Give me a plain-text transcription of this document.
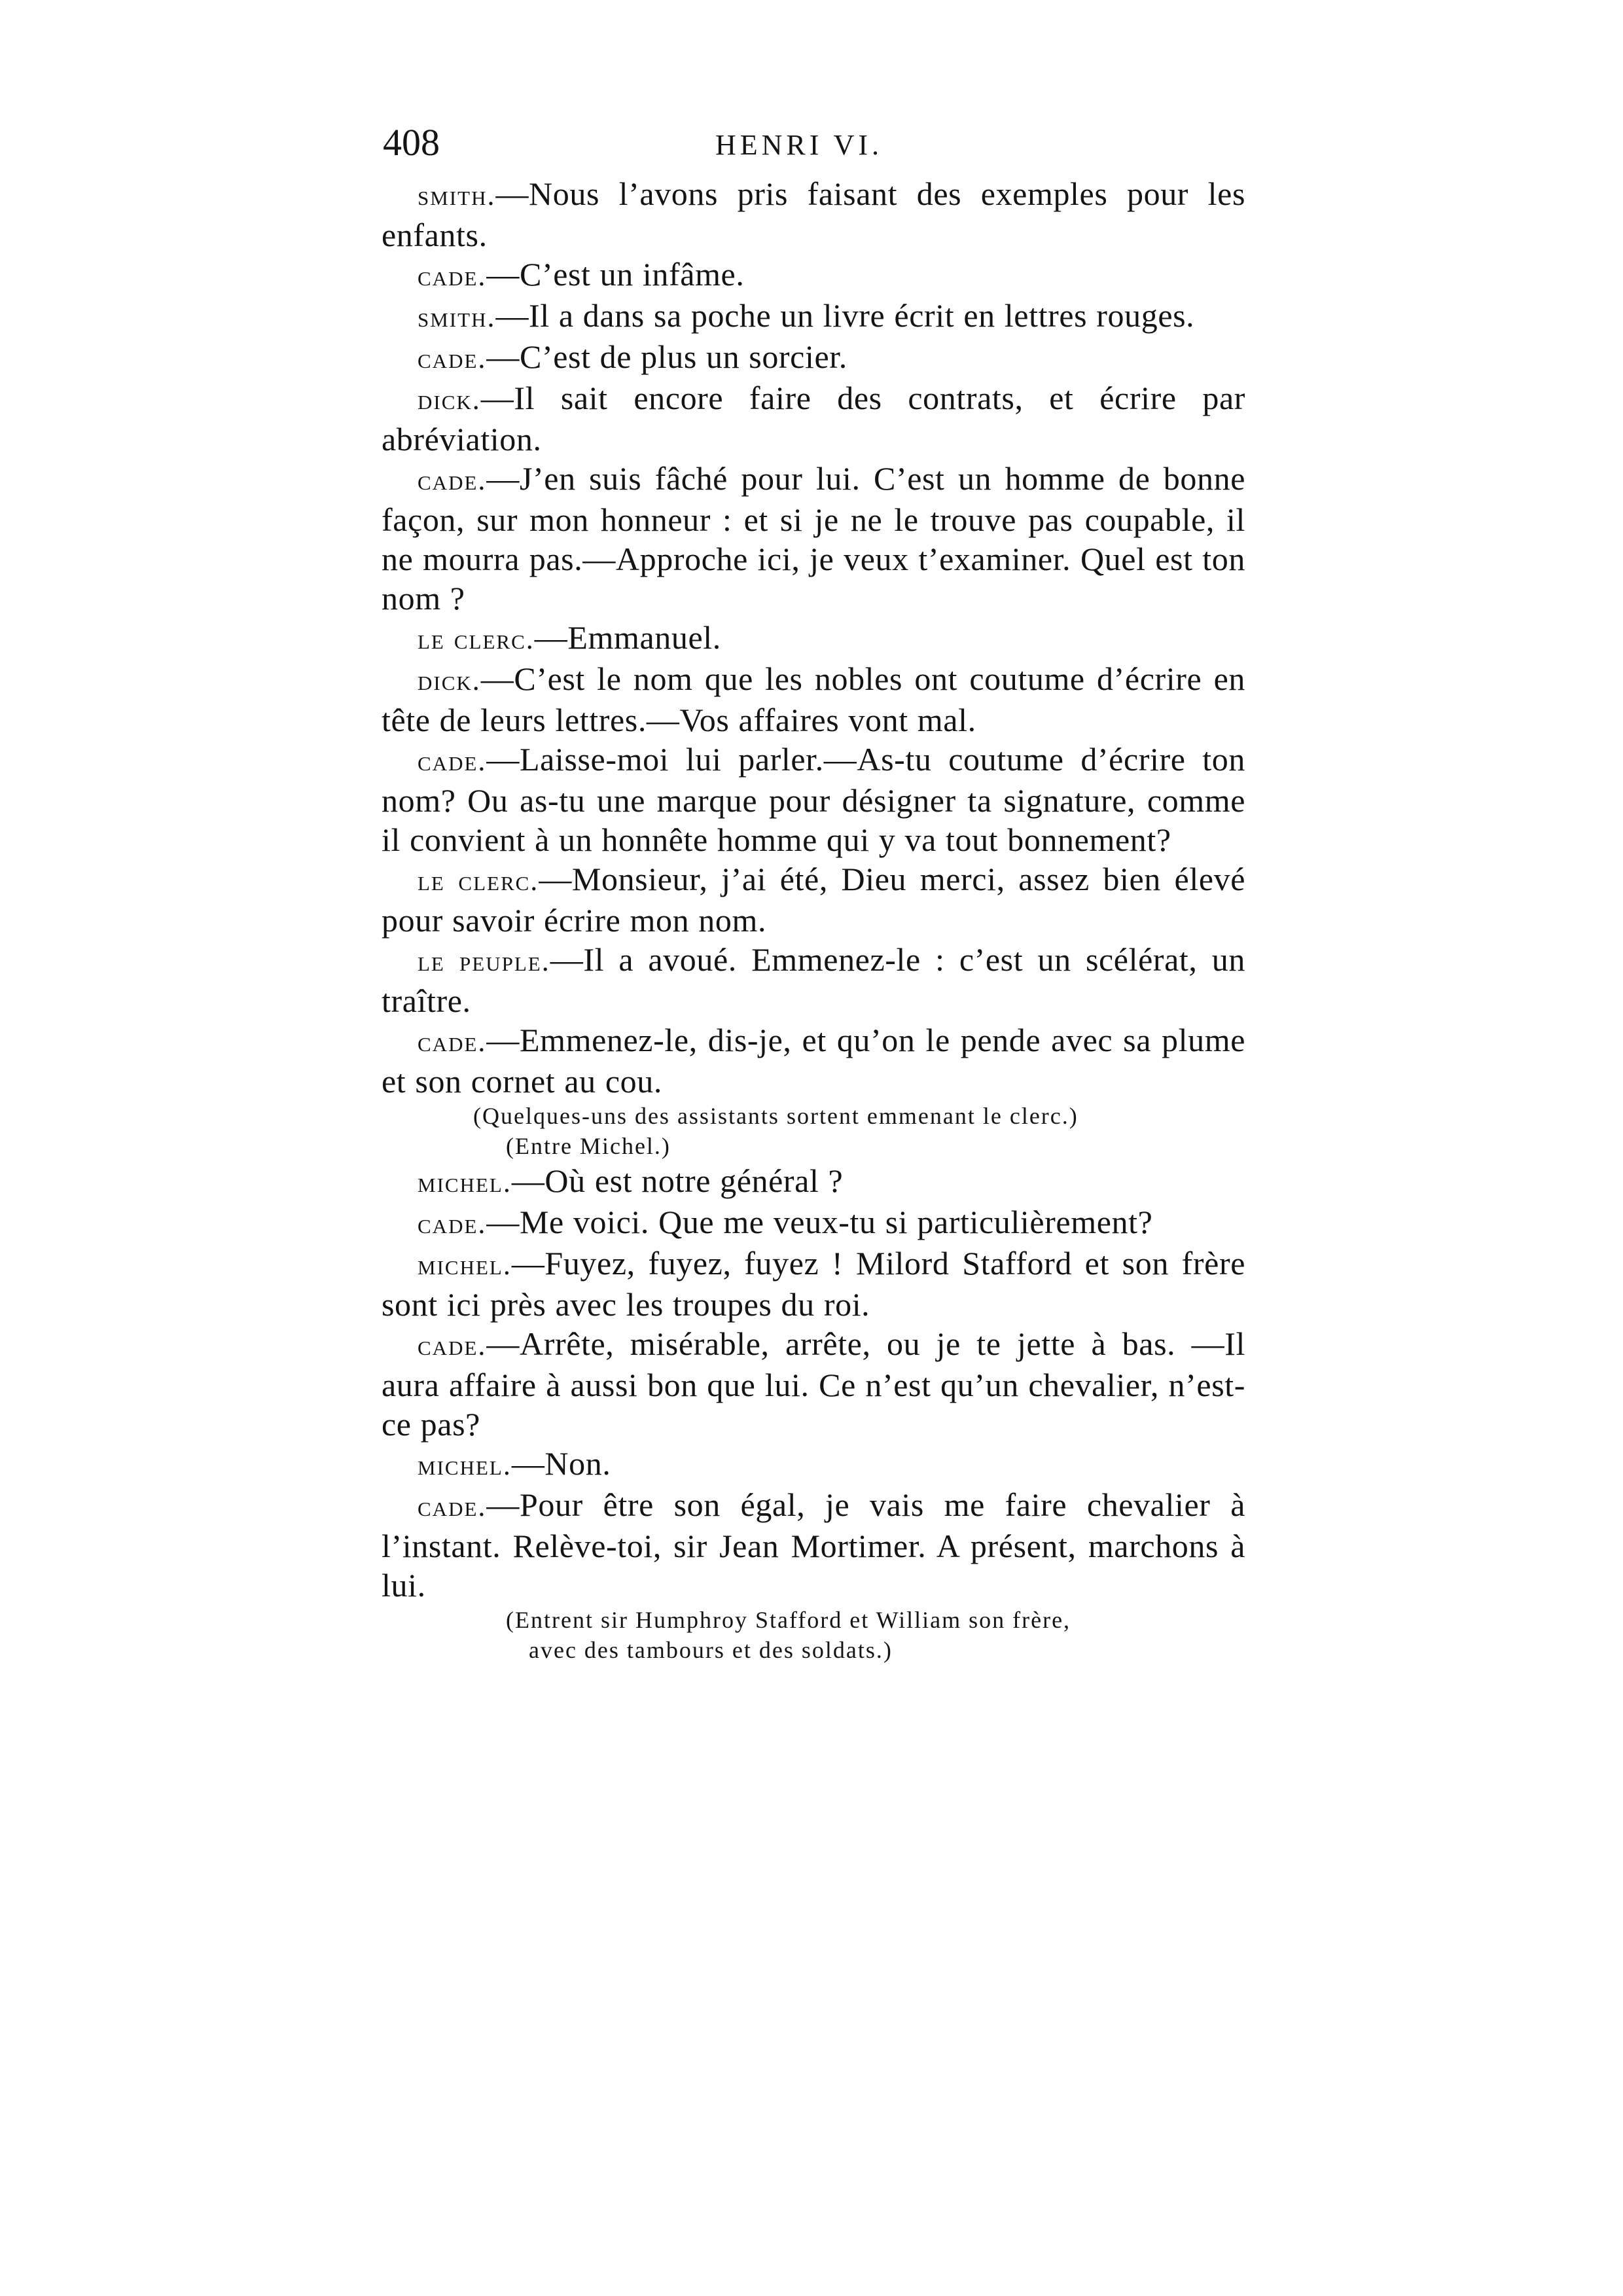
408	HENRI VI.

smith.—Nous l’avons pris faisant des exemples pour les enfants.

cade.—C’est un infâme.

smith.—Il a dans sa poche un livre écrit en lettres rouges.

cade.—C’est de plus un sorcier.

dick.—Il sait encore faire des contrats, et écrire par abréviation.

cade.—J’en suis fâché pour lui. C’est un homme de bonne façon, sur mon honneur : et si je ne le trouve pas coupable, il ne mourra pas.—Approche ici, je veux t’examiner. Quel est ton nom ?

le clerc.—Emmanuel.

dick.—C’est le nom que les nobles ont coutume d’écrire en tête de leurs lettres.—Vos affaires vont mal.

cade.—Laisse-moi lui parler.—As-tu coutume d’écrire ton nom? Ou as-tu une marque pour désigner ta signature, comme il convient à un honnête homme qui y va tout bonnement?

le clerc.—Monsieur, j’ai été, Dieu merci, assez bien élevé pour savoir écrire mon nom.

le peuple.—Il a avoué. Emmenez-le : c’est un scélérat, un traître.

cade.—Emmenez-le, dis-je, et qu’on le pende avec sa plume et son cornet au cou.

(Quelques-uns des assistants sortent emmenant le clerc.)

(Entre Michel.)

michel.—Où est notre général ?

cade.—Me voici. Que me veux-tu si particulièrement?

michel.—Fuyez, fuyez, fuyez ! Milord Stafford et son frère sont ici près avec les troupes du roi.

cade.—Arrête, misérable, arrête, ou je te jette à bas. —Il aura affaire à aussi bon que lui. Ce n’est qu’un chevalier, n’est-ce pas?

michel.—Non.

cade.—Pour être son égal, je vais me faire chevalier à l’instant. Relève-toi, sir Jean Mortimer. A présent, marchons à lui.

(Entrent sir Humphroy Stafford et William son frère,

avec des tambours et des soldats.)
